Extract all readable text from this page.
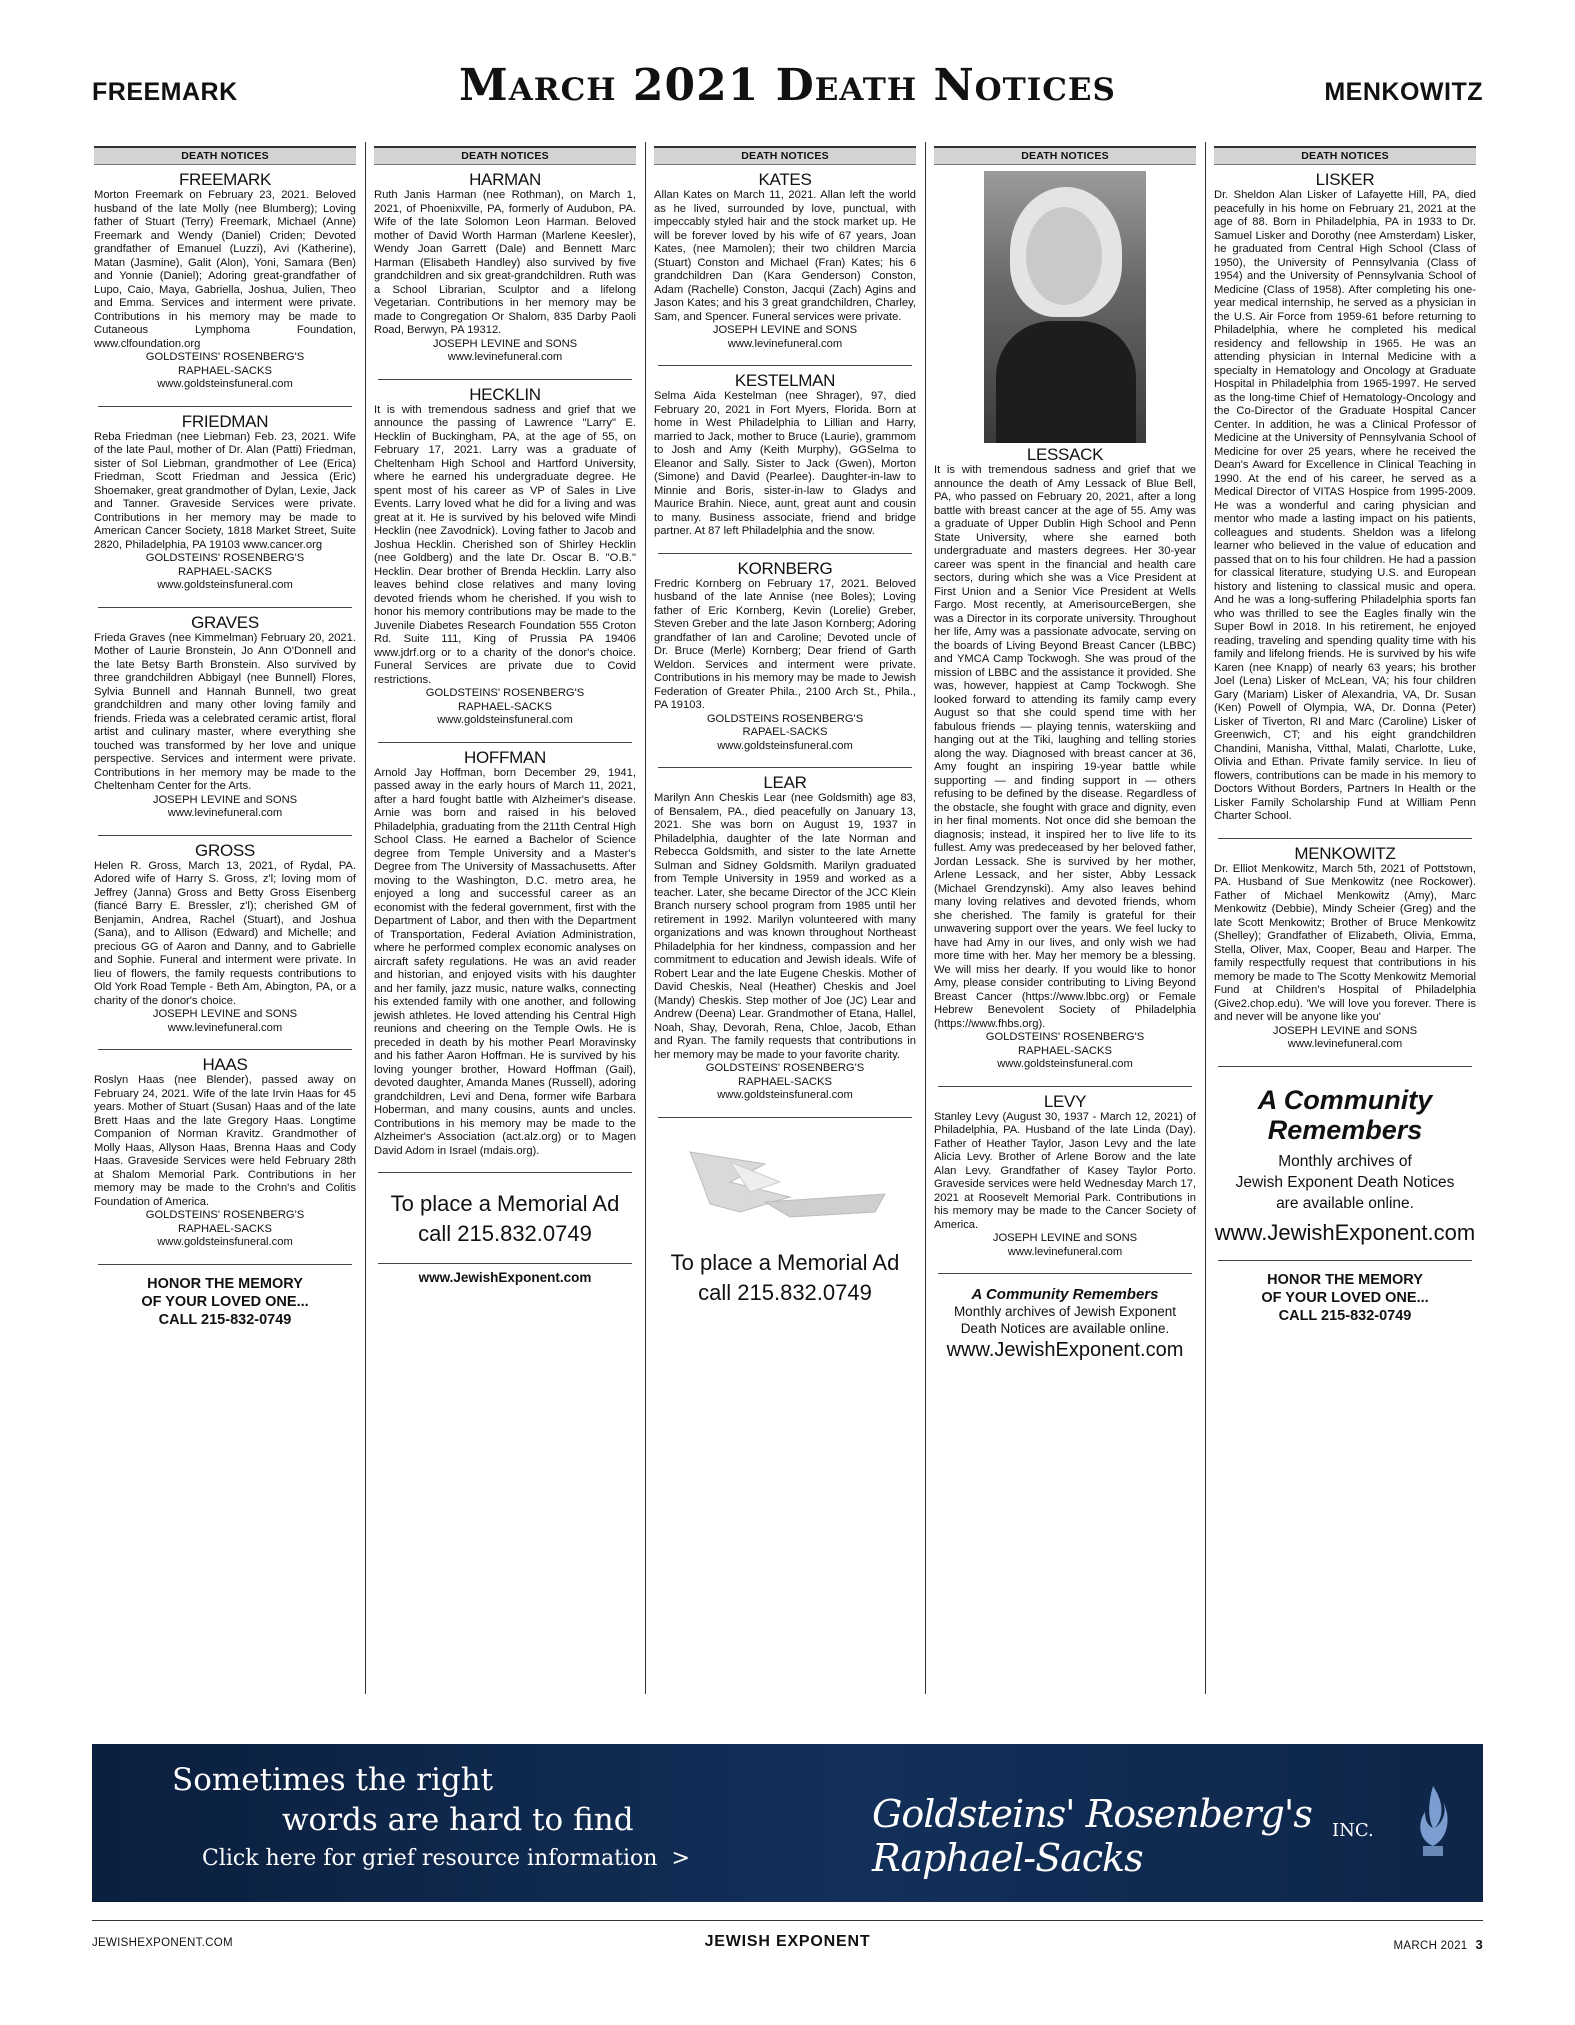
FREEMARK	March 2021 Death Notices	MENKOWITZ
DEATH NOTICES
FREEMARK

Morton Freemark on February 23, 2021. Beloved husband of the late Molly (nee Blumberg); Loving father of Stuart (Terry) Freemark, Michael (Anne) Freemark and Wendy (Daniel) Criden; Devoted grandfather of Emanuel (Luzzi), Avi (Katherine), Matan (Jasmine), Galit (Alon), Yoni, Samara (Ben) and Yonnie (Daniel); Adoring great-grandfather of Lupo, Caio, Maya, Gabriella, Joshua, Julien, Theo and Emma. Services and interment were private. Contributions in his memory may be made to Cutaneous Lymphoma Foundation, www.clfoundation.org

GOLDSTEINS' ROSENBERG'S
RAPHAEL-SACKS
www.goldsteinsfuneral.com
FRIEDMAN

Reba Friedman (nee Liebman) Feb. 23, 2021. Wife of the late Paul, mother of Dr. Alan (Patti) Friedman, sister of Sol Liebman, grandmother of Lee (Erica) Friedman, Scott Friedman and Jessica (Eric) Shoemaker, great grandmother of Dylan, Lexie, Jack and Tanner. Graveside Services were private. Contributions in her memory may be made to American Cancer Society, 1818 Market Street, Suite 2820, Philadelphia, PA 19103 www.cancer.org

GOLDSTEINS' ROSENBERG'S
RAPHAEL-SACKS
www.goldsteinsfuneral.com
GRAVES

Frieda Graves (nee Kimmelman) February 20, 2021. Mother of Laurie Bronstein, Jo Ann O'Donnell and the late Betsy Barth Bronstein. Also survived by three grandchildren Abbigayl (nee Bunnell) Flores, Sylvia Bunnell and Hannah Bunnell, two great grandchildren and many other loving family and friends. Frieda was a celebrated ceramic artist, floral artist and culinary master, where everything she touched was transformed by her love and unique perspective. Services and interment were private. Contributions in her memory may be made to the Cheltenham Center for the Arts.

JOSEPH LEVINE and SONS
www.levinefuneral.com
GROSS

Helen R. Gross, March 13, 2021, of Rydal, PA. Adored wife of Harry S. Gross, z'l; loving mom of Jeffrey (Janna) Gross and Betty Gross Eisenberg (fiancé Barry E. Bressler, z'l); cherished GM of Benjamin, Andrea, Rachel (Stuart), and Joshua (Sana), and to Allison (Edward) and Michelle; and precious GG of Aaron and Danny, and to Gabrielle and Sophie. Funeral and interment were private. In lieu of flowers, the family requests contributions to Old York Road Temple - Beth Am, Abington, PA, or a charity of the donor's choice.

JOSEPH LEVINE and SONS
www.levinefuneral.com
HAAS

Roslyn Haas (nee Blender), passed away on February 24, 2021. Wife of the late Irvin Haas for 45 years. Mother of Stuart (Susan) Haas and of the late Brett Haas and the late Gregory Haas. Longtime Companion of Norman Kravitz. Grandmother of Molly Haas, Allyson Haas, Brenna Haas and Cody Haas. Graveside Services were held February 28th at Shalom Memorial Park. Contributions in her memory may be made to the Crohn's and Colitis Foundation of America.

GOLDSTEINS' ROSENBERG'S
RAPHAEL-SACKS
www.goldsteinsfuneral.com
HONOR THE MEMORY
OF YOUR LOVED ONE...
CALL 215-832-0749
DEATH NOTICES
HARMAN

Ruth Janis Harman (nee Rothman), on March 1, 2021, of Phoenixville, PA, formerly of Audubon, PA. Wife of the late Solomon Leon Harman. Beloved mother of David Worth Harman (Marlene Keesler), Wendy Joan Garrett (Dale) and Bennett Marc Harman (Elisabeth Handley) also survived by five grandchildren and six great-grandchildren. Ruth was a School Librarian, Sculptor and a lifelong Vegetarian. Contributions in her memory may be made to Congregation Or Shalom, 835 Darby Paoli Road, Berwyn, PA 19312.

JOSEPH LEVINE and SONS
www.levinefuneral.com
HECKLIN

It is with tremendous sadness and grief that we announce the passing of Lawrence "Larry" E. Hecklin of Buckingham, PA, at the age of 55, on February 17, 2021. Larry was a graduate of Cheltenham High School and Hartford University, where he earned his undergraduate degree. He spent most of his career as VP of Sales in Live Events. Larry loved what he did for a living and was great at it. He is survived by his beloved wife Mindi Hecklin (nee Zavodnick). Loving father to Jacob and Joshua Hecklin. Cherished son of Shirley Hecklin (nee Goldberg) and the late Dr. Oscar B. "O.B." Hecklin. Dear brother of Brenda Hecklin. Larry also leaves behind close relatives and many loving devoted friends whom he cherished. If you wish to honor his memory contributions may be made to the Juvenile Diabetes Research Foundation 555 Croton Rd. Suite 111, King of Prussia PA 19406 www.jdrf.org or to a charity of the donor's choice. Funeral Services are private due to Covid restrictions.

GOLDSTEINS' ROSENBERG'S
RAPHAEL-SACKS
www.goldsteinsfuneral.com
HOFFMAN

Arnold Jay Hoffman, born December 29, 1941, passed away in the early hours of March 11, 2021, after a hard fought battle with Alzheimer's disease. Arnie was born and raised in his beloved Philadelphia, graduating from the 211th Central High School Class. He earned a Bachelor of Science degree from Temple University and a Master's Degree from The University of Massachusetts. After moving to the Washington, D.C. metro area, he enjoyed a long and successful career as an economist with the federal government, first with the Department of Labor, and then with the Department of Transportation, Federal Aviation Administration, where he performed complex economic analyses on aircraft safety regulations. He was an avid reader and historian, and enjoyed visits with his daughter and her family, jazz music, nature walks, connecting his extended family with one another, and following jewish athletes. He loved attending his Central High reunions and cheering on the Temple Owls. He is preceded in death by his mother Pearl Moravinsky and his father Aaron Hoffman. He is survived by his loving younger brother, Howard Hoffman (Gail), devoted daughter, Amanda Manes (Russell), adoring grandchildren, Levi and Dena, former wife Barbara Hoberman, and many cousins, aunts and uncles. Contributions in his memory may be made to the Alzheimer's Association (act.alz.org) or to Magen David Adom in Israel (mdais.org).

To place a Memorial Ad
call 215.832.0749
www.JewishExponent.com
DEATH NOTICES
KATES

Allan Kates on March 11, 2021. Allan left the world as he lived, surrounded by love, punctual, with impeccably styled hair and the stock market up. He will be forever loved by his wife of 67 years, Joan Kates, (nee Mamolen); their two children Marcia (Stuart) Conston and Michael (Fran) Kates; his 6 grandchildren Dan (Kara Genderson) Conston, Adam (Rachelle) Conston, Jacqui (Zach) Agins and Jason Kates; and his 3 great grandchildren, Charley, Sam, and Spencer. Funeral services were private.

JOSEPH LEVINE and SONS
www.levinefuneral.com
KESTELMAN

Selma Aida Kestelman (nee Shrager), 97, died February 20, 2021 in Fort Myers, Florida. Born at home in West Philadelphia to Lillian and Harry, married to Jack, mother to Bruce (Laurie), grammom to Josh and Amy (Keith Murphy), GGSelma to Eleanor and Sally. Sister to Jack (Gwen), Morton (Simone) and David (Pearlee). Daughter-in-law to Minnie and Boris, sister-in-law to Gladys and Maurice Brahin. Niece, aunt, great aunt and cousin to many. Business associate, friend and bridge partner. At 87 left Philadelphia and the snow.

KORNBERG

Fredric Kornberg on February 17, 2021. Beloved husband of the late Annise (nee Boles); Loving father of Eric Kornberg, Kevin (Lorelie) Greber, Steven Greber and the late Jason Kornberg; Adoring grandfather of Ian and Caroline; Devoted uncle of Dr. Bruce (Merle) Kornberg; Dear friend of Garth Weldon. Services and interment were private. Contributions in his memory may be made to Jewish Federation of Greater Phila., 2100 Arch St., Phila., PA 19103.

GOLDSTEINS ROSENBERG'S
RAPAEL-SACKS
www.goldsteinsfuneral.com
LEAR

Marilyn Ann Cheskis Lear (nee Goldsmith) age 83, of Bensalem, PA., died peacefully on January 13, 2021. She was born on August 19, 1937 in Philadelphia, daughter of the late Norman and Rebecca Goldsmith, and sister to the late Arnette Sulman and Sidney Goldsmith. Marilyn graduated from Temple University in 1959 and worked as a teacher. Later, she became Director of the JCC Klein Branch nursery school program from 1985 until her retirement in 1992. Marilyn volunteered with many organizations and was known throughout Northeast Philadelphia for her kindness, compassion and her commitment to education and Jewish ideals. Wife of Robert Lear and the late Eugene Cheskis. Mother of David Cheskis, Neal (Heather) Cheskis and Joel (Mandy) Cheskis. Step mother of Joe (JC) Lear and Andrew (Deena) Lear. Grandmother of Etana, Hallel, Noah, Shay, Devorah, Rena, Chloe, Jacob, Ethan and Ryan. The family requests that contributions in her memory may be made to your favorite charity.

GOLDSTEINS' ROSENBERG'S
RAPHAEL-SACKS
www.goldsteinsfuneral.com
To place a Memorial Ad
call 215.832.0749
DEATH NOTICES
LESSACK

It is with tremendous sadness and grief that we announce the death of Amy Lessack of Blue Bell, PA, who passed on February 20, 2021, after a long battle with breast cancer at the age of 55. Amy was a graduate of Upper Dublin High School and Penn State University, where she earned both undergraduate and masters degrees. Her 30-year career was spent in the financial and health care sectors, during which she was a Vice President at First Union and a Senior Vice President at Wells Fargo. Most recently, at AmerisourceBergen, she was a Director in its corporate university. Throughout her life, Amy was a passionate advocate, serving on the boards of Living Beyond Breast Cancer (LBBC) and YMCA Camp Tockwogh. She was proud of the mission of LBBC and the assistance it provided. She was, however, happiest at Camp Tockwogh. She looked forward to attending its family camp every August so that she could spend time with her fabulous friends — playing tennis, waterskiing and hanging out at the Tiki, laughing and telling stories along the way. Diagnosed with breast cancer at 36, Amy fought an inspiring 19-year battle while supporting — and finding support in — others refusing to be defined by the disease. Regardless of the obstacle, she fought with grace and dignity, even in her final moments. Not once did she bemoan the diagnosis; instead, it inspired her to live life to its fullest. Amy was predeceased by her beloved father, Jordan Lessack. She is survived by her mother, Arlene Lessack, and her sister, Abby Lessack (Michael Grendzynski). Amy also leaves behind many loving relatives and devoted friends, whom she cherished. The family is grateful for their unwavering support over the years. We feel lucky to have had Amy in our lives, and only wish we had more time with her. May her memory be a blessing. We will miss her dearly. If you would like to honor Amy, please consider contributing to Living Beyond Breast Cancer (https://www.lbbc.org) or Female Hebrew Benevolent Society of Philadelphia (https://www.fhbs.org).

GOLDSTEINS' ROSENBERG'S
RAPHAEL-SACKS
www.goldsteinsfuneral.com
LEVY

Stanley Levy (August 30, 1937 - March 12, 2021) of Philadelphia, PA. Husband of the late Linda (Day). Father of Heather Taylor, Jason Levy and the late Alicia Levy. Brother of Arlene Borow and the late Alan Levy. Grandfather of Kasey Taylor Porto. Graveside services were held Wednesday March 17, 2021 at Roosevelt Memorial Park. Contributions in his memory may be made to the Cancer Society of America.

JOSEPH LEVINE and SONS
www.levinefuneral.com
A Community Remembers
Monthly archives of Jewish Exponent
Death Notices are available online.
www.JewishExponent.com
DEATH NOTICES
LISKER

Dr. Sheldon Alan Lisker of Lafayette Hill, PA, died peacefully in his home on February 21, 2021 at the age of 88. Born in Philadelphia, PA in 1933 to Dr. Samuel Lisker and Dorothy (nee Amsterdam) Lisker, he graduated from Central High School (Class of 1950), the University of Pennsylvania (Class of 1954) and the University of Pennsylvania School of Medicine (Class of 1958). After completing his one-year medical internship, he served as a physician in the U.S. Air Force from 1959-61 before returning to Philadelphia, where he completed his medical residency and fellowship in 1965. He was an attending physician in Internal Medicine with a specialty in Hematology and Oncology at Graduate Hospital in Philadelphia from 1965-1997. He served as the long-time Chief of Hematology-Oncology and the Co-Director of the Graduate Hospital Cancer Center. In addition, he was a Clinical Professor of Medicine at the University of Pennsylvania School of Medicine for over 25 years, where he received the Dean's Award for Excellence in Clinical Teaching in 1990. At the end of his career, he served as a Medical Director of VITAS Hospice from 1995-2009. He was a wonderful and caring physician and mentor who made a lasting impact on his patients, colleagues and students. Sheldon was a lifelong learner who believed in the value of education and passed that on to his four children. He had a passion for classical literature, studying U.S. and European history and listening to classical music and opera. And he was a long-suffering Philadelphia sports fan who was thrilled to see the Eagles finally win the Super Bowl in 2018. In his retirement, he enjoyed reading, traveling and spending quality time with his family and lifelong friends. He is survived by his wife Karen (nee Knapp) of nearly 63 years; his brother Joel (Lena) Lisker of McLean, VA; his four children Gary (Mariam) Lisker of Alexandria, VA, Dr. Susan (Ken) Powell of Olympia, WA, Dr. Donna (Peter) Lisker of Tiverton, RI and Marc (Caroline) Lisker of Greenwich, CT; and his eight grandchildren Chandini, Manisha, Vitthal, Malati, Charlotte, Luke, Olivia and Ethan. Private family service. In lieu of flowers, contributions can be made in his memory to Doctors Without Borders, Partners In Health or the Lisker Family Scholarship Fund at William Penn Charter School.

MENKOWITZ

Dr. Elliot Menkowitz, March 5th, 2021 of Pottstown, PA. Husband of Sue Menkowitz (nee Rockower). Father of Michael Menkowitz (Amy), Marc Menkowitz (Debbie), Mindy Scheier (Greg) and the late Scott Menkowitz; Brother of Bruce Menkowitz (Shelley); Grandfather of Elizabeth, Olivia, Emma, Stella, Oliver, Max, Cooper, Beau and Harper. The family respectfully request that contributions in his memory be made to The Scotty Menkowitz Memorial Fund at Children's Hospital of Philadelphia (Give2.chop.edu). 'We will love you forever. There is and never will be anyone like you'

JOSEPH LEVINE and SONS
www.levinefuneral.com
A Community
Remembers
Monthly archives of
Jewish Exponent Death Notices
are available online.
www.JewishExponent.com
HONOR THE MEMORY
OF YOUR LOVED ONE...
CALL 215-832-0749
Sometimes the right
words are hard to find
Click here for grief resource information >
Goldsteins' Rosenberg's Raphael-Sacks
INC.
JEWISHEXPONENT.COM	JEWISH EXPONENT	MARCH 2021 3
